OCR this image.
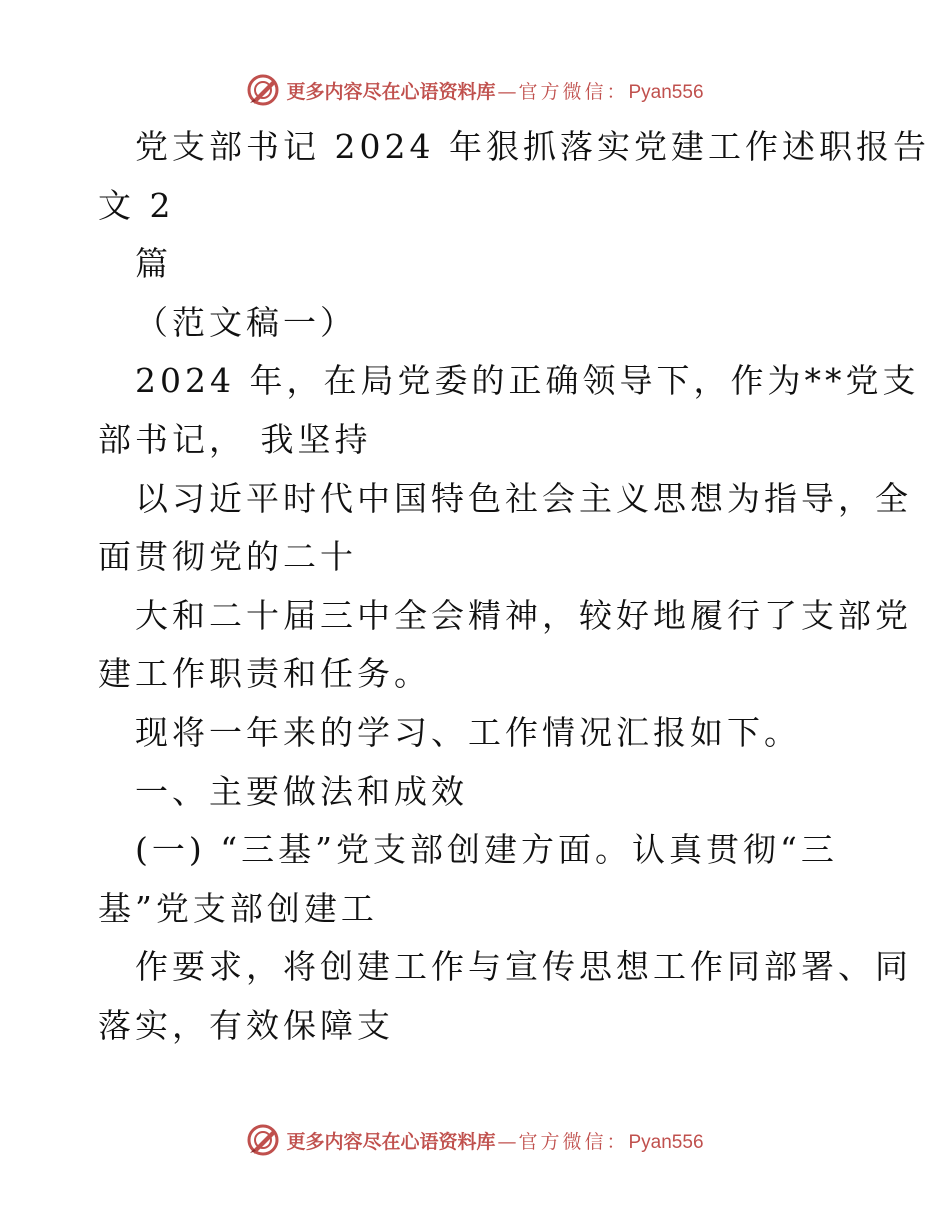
更多内容尽在心语资料库 — 官方微信： Pyan556
党支部书记 2024 年狠抓落实党建工作述职报告
文 2
篇
（范文稿一）
2024 年，在局党委的正确领导下，作为**党支
部书记， 我坚持
以习近平时代中国特色社会主义思想为指导，全
面贯彻党的二十
大和二十届三中全会精神，较好地履行了支部党
建工作职责和任务。
现将一年来的学习、工作情况汇报如下。
一、主要做法和成效
(一) “三基”党支部创建方面。认真贯彻“三
基”党支部创建工
作要求，将创建工作与宣传思想工作同部署、同
落实，有效保障支
更多内容尽在心语资料库 — 官方微信： Pyan556
